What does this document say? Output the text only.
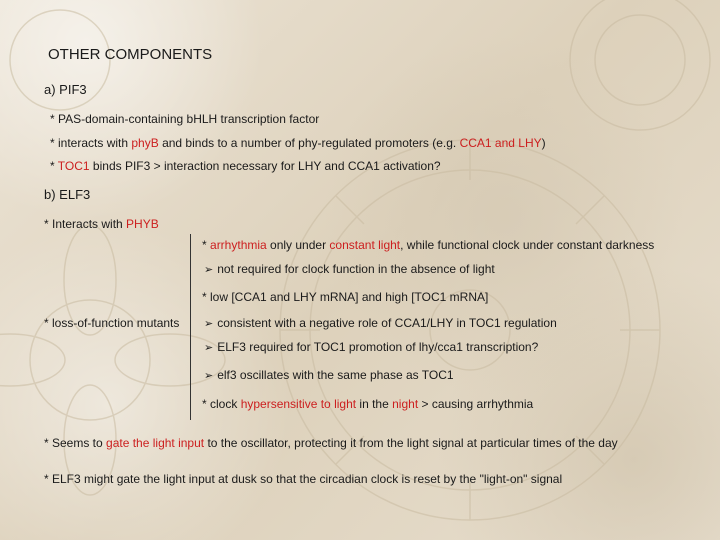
OTHER COMPONENTS
a) PIF3
* PAS-domain-containing bHLH transcription factor
* interacts with phyB and binds to a number of phy-regulated promoters (e.g. CCA1 and LHY)
* TOC1 binds PIF3 > interaction necessary for LHY and CCA1 activation?
b) ELF3
* Interacts with PHYB
* arrhythmia only under constant light, while functional clock under constant darkness
➢ not required for clock function in the absence of light
* low [CCA1 and LHY mRNA] and high [TOC1 mRNA]
* loss-of-function mutants ➢ consistent with a negative role of CCA1/LHY in TOC1 regulation
➢ ELF3 required for TOC1 promotion of lhy/cca1 transcription?
➢ elf3 oscillates with the same phase as TOC1
* clock hypersensitive to light in the night > causing arrhythmia
* Seems to gate the light input to the oscillator, protecting it from the light signal at particular times of the day
* ELF3 might gate the light input at dusk so that the circadian clock is reset by the "light-on" signal
